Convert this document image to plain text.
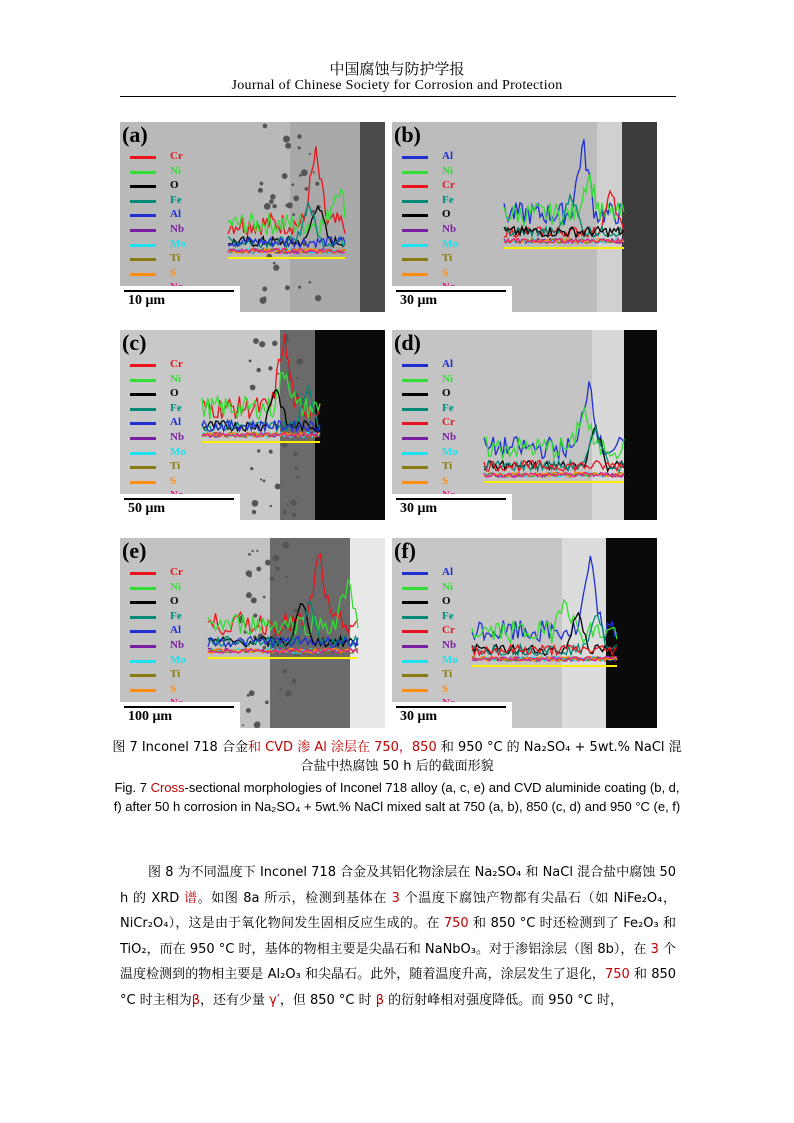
中国腐蚀与防护学报
Journal of Chinese Society for Corrosion and Protection
(a)
Cr
Ni
O
Fe
Al
Nb
Mo
Ti
S
10 μm
(b)
Al
Ni
Cr
Fe
O
Nb
Mo
Ti
S
30 μm
(c)
Cr
Ni
O
Fe
Al
Nb
Mo
Ti
S
50 μm
(d)
Al
Ni
O
Fe
Cr
Nb
Mo
Ti
S
30 μm
(e)
Cr
Ni
O
Fe
Al
Nb
Mo
Ti
S
100 μm
(f)
Al
Ni
O
Fe
Cr
Nb
Mo
Ti
S
30 μm
图 7 Inconel 718 合金和 CVD 渗 Al 涂层在 750，850 和 950 °C 的 Na₂SO₄ + 5wt.% NaCl 混合盐中热腐蚀 50 h 后的截面形貌
Fig. 7 Cross-sectional morphologies of Inconel 718 alloy (a, c, e) and CVD aluminide coating (b, d, f) after 50 h corrosion in Na₂SO₄ + 5wt.% NaCl mixed salt at 750 (a, b), 850 (c, d) and 950 °C (e, f)

图 8 为不同温度下 Inconel 718 合金及其铝化物涂层在 Na₂SO₄ 和 NaCl 混合盐中腐蚀 50 h 的 XRD 谱。如图 8a 所示，检测到基体在 3 个温度下腐蚀产物都有尖晶石（如 NiFe₂O₄，NiCr₂O₄），这是由于氧化物间发生固相反应生成的。在 750 和 850 °C 时还检测到了 Fe₂O₃ 和 TiO₂，而在 950 °C 时，基体的物相主要是尖晶石和 NaNbO₃。对于渗铝涂层（图 8b），在 3 个温度检测到的物相主要是 Al₂O₃ 和尖晶石。此外，随着温度升高，涂层发生了退化，750 和 850 °C 时主相为β，还有少量 γ′，但 850 °C 时 β 的衍射峰相对强度降低。而 950 °C 时，
